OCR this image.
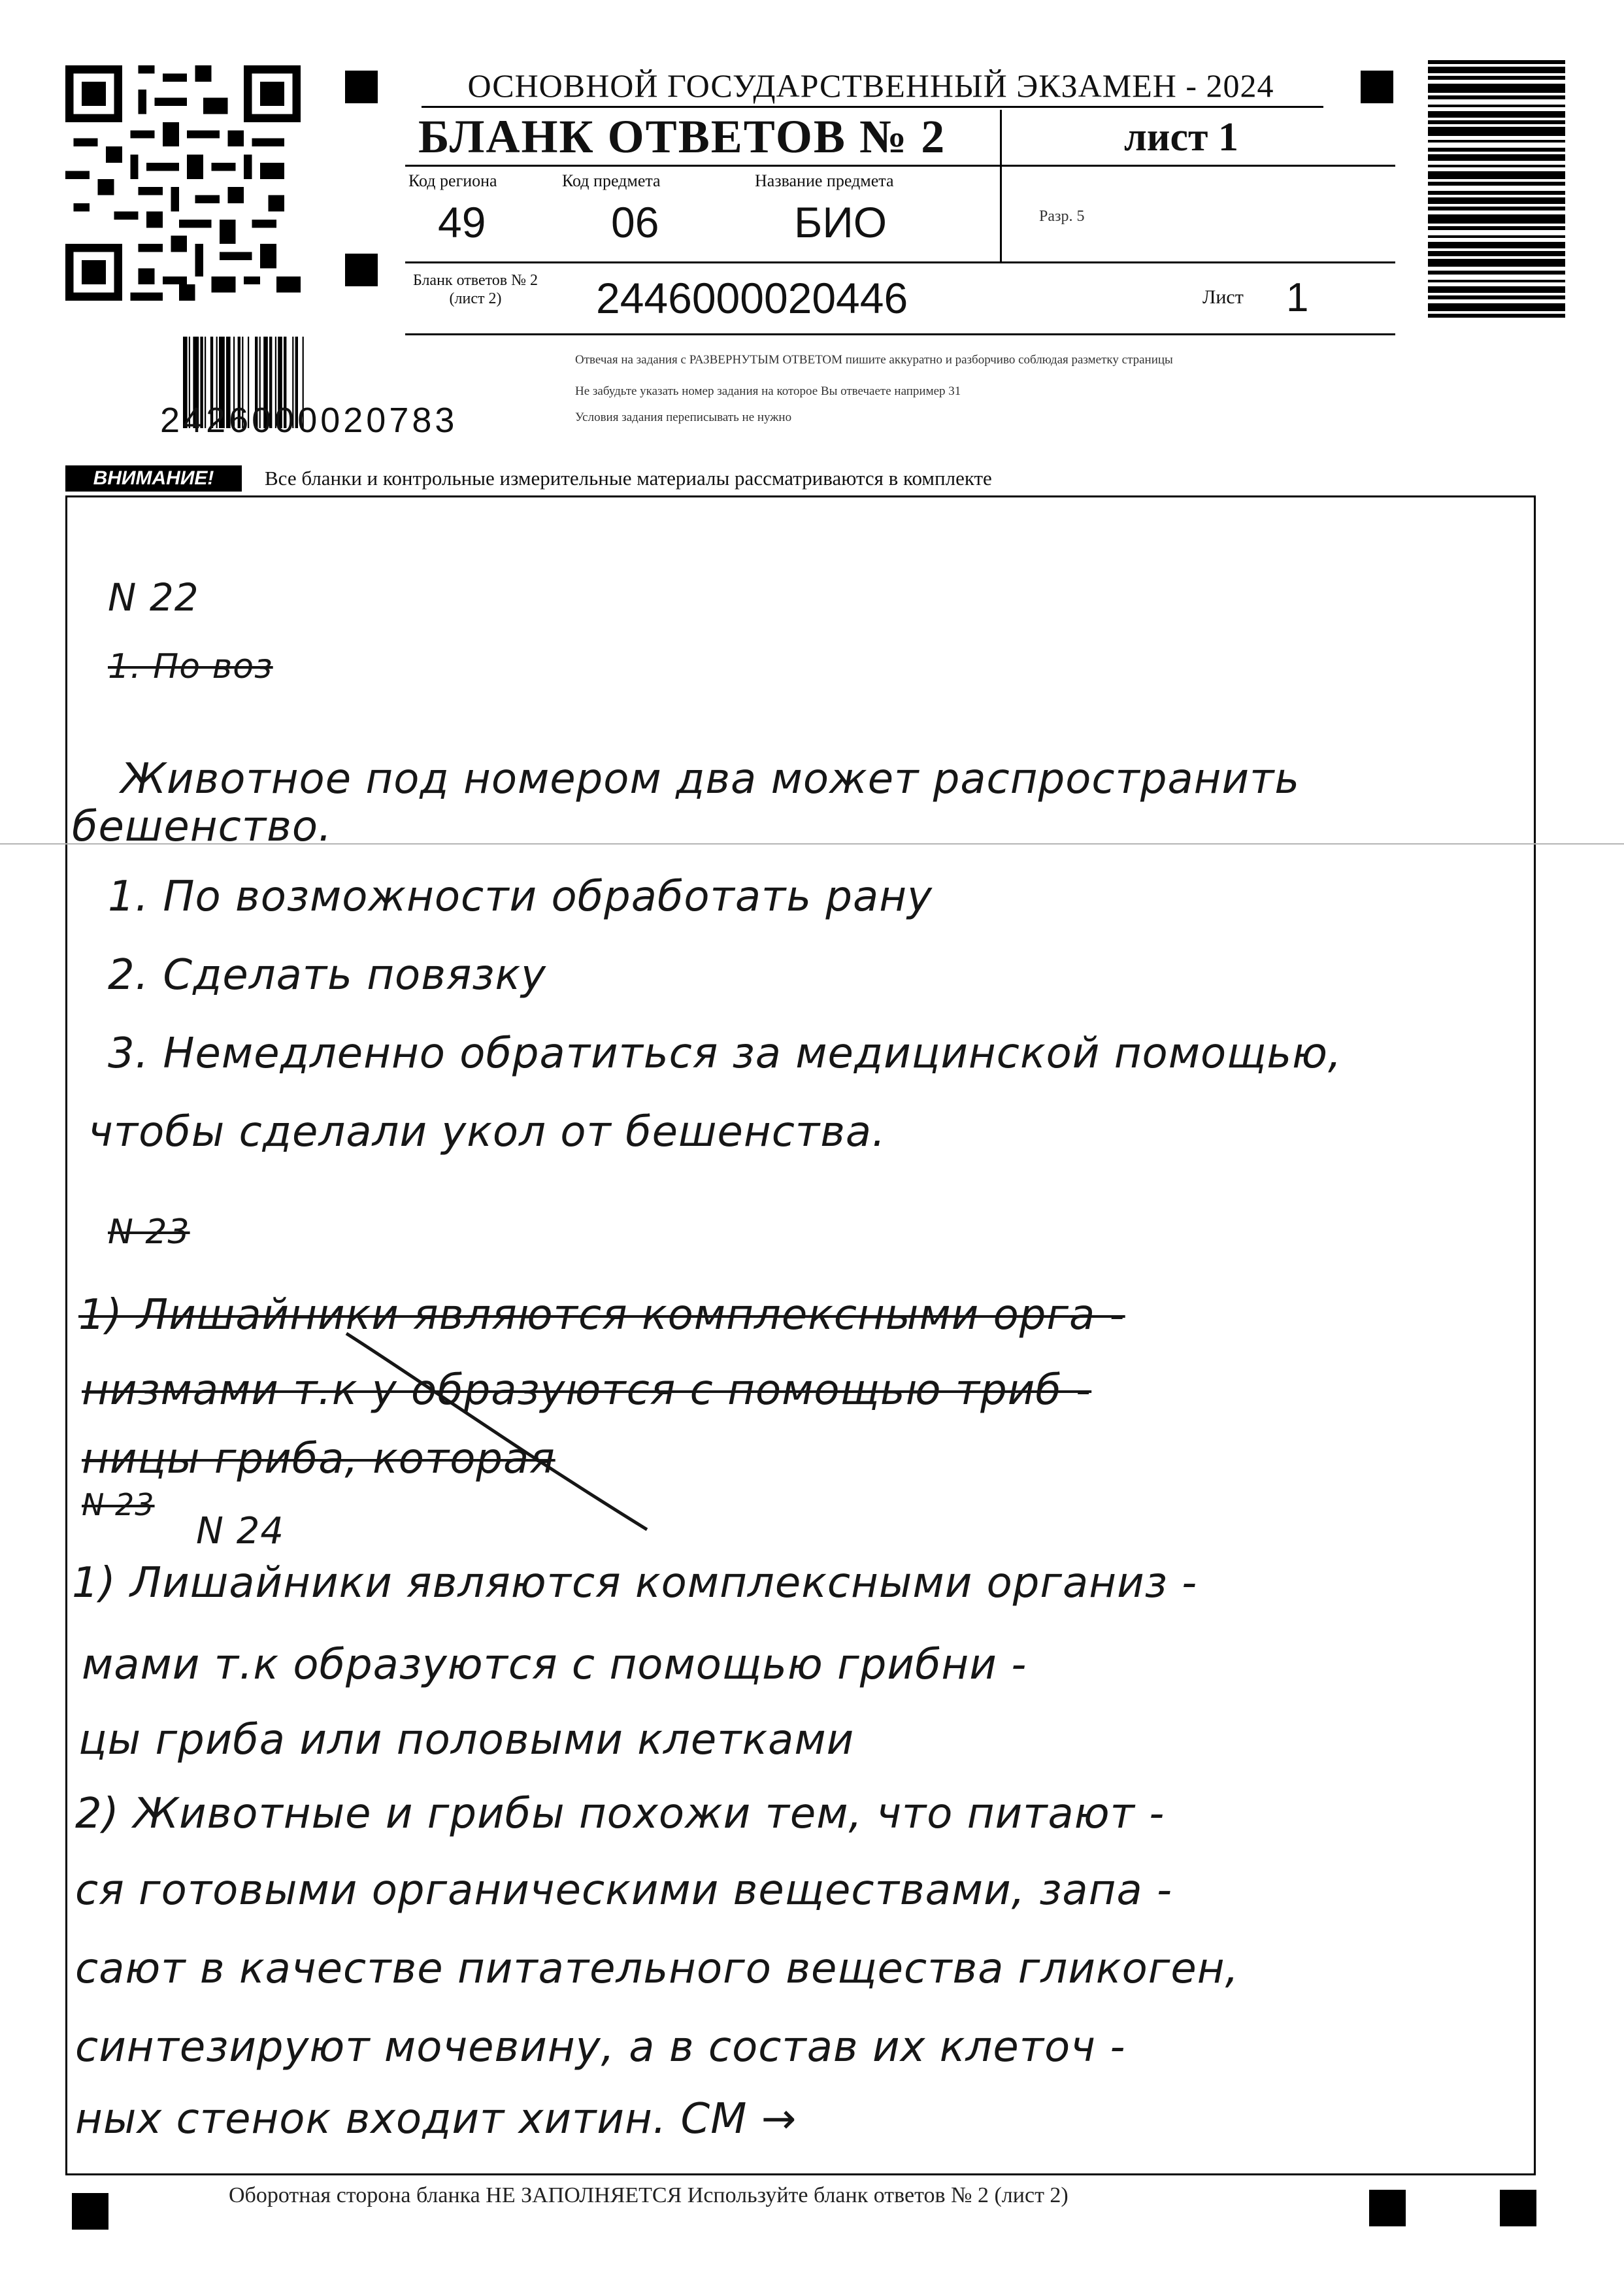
ОСНОВНОЙ ГОСУДАРСТВЕННЫЙ ЭКЗАМЕН - 2024
БЛАНК ОТВЕТОВ № 2	лист 1
Код региона
49
Код предмета
06
Название предмета
БИО	Разр. 5
Бланк ответов № 2
(лист 2)	2446000020446	Лист 1
Отвечая на задания с РАЗВЕРНУТЫМ ОТВЕТОМ пишите аккуратно и разборчиво соблюдая разметку страницы
Не забудьте указать номер задания на которое Вы отвечаете например 31
Условия задания переписывать не нужно
2426000020783
ВНИМАНИЕ!	Все бланки и контрольные измерительные материалы рассматриваются в комплекте
N 22
1. По воз
Животное под номером два может распространить
бешенство.
1. По возможности обработать рану
2. Сделать повязку
3. Немедленно обратиться за медицинской помощью,
чтобы сделали укол от бешенства.
N 23
1) Лишайники являются комплексными орга -
низмами т.к у образуются с помощью триб -
ницы гриба, которая
N 23
N 24
1) Лишайники являются комплексными организ -
мами т.к образуются с помощью грибни -
цы гриба или половыми клетками
2) Животные и грибы похожи тем, что питают -
ся готовыми органическими веществами, запа -
сают в качестве питательного вещества гликоген,
синтезируют мочевину, а в состав их клеточ -
ных стенок входит хитин. СМ →
Оборотная сторона бланка НЕ ЗАПОЛНЯЕТСЯ Используйте бланк ответов № 2 (лист 2)
